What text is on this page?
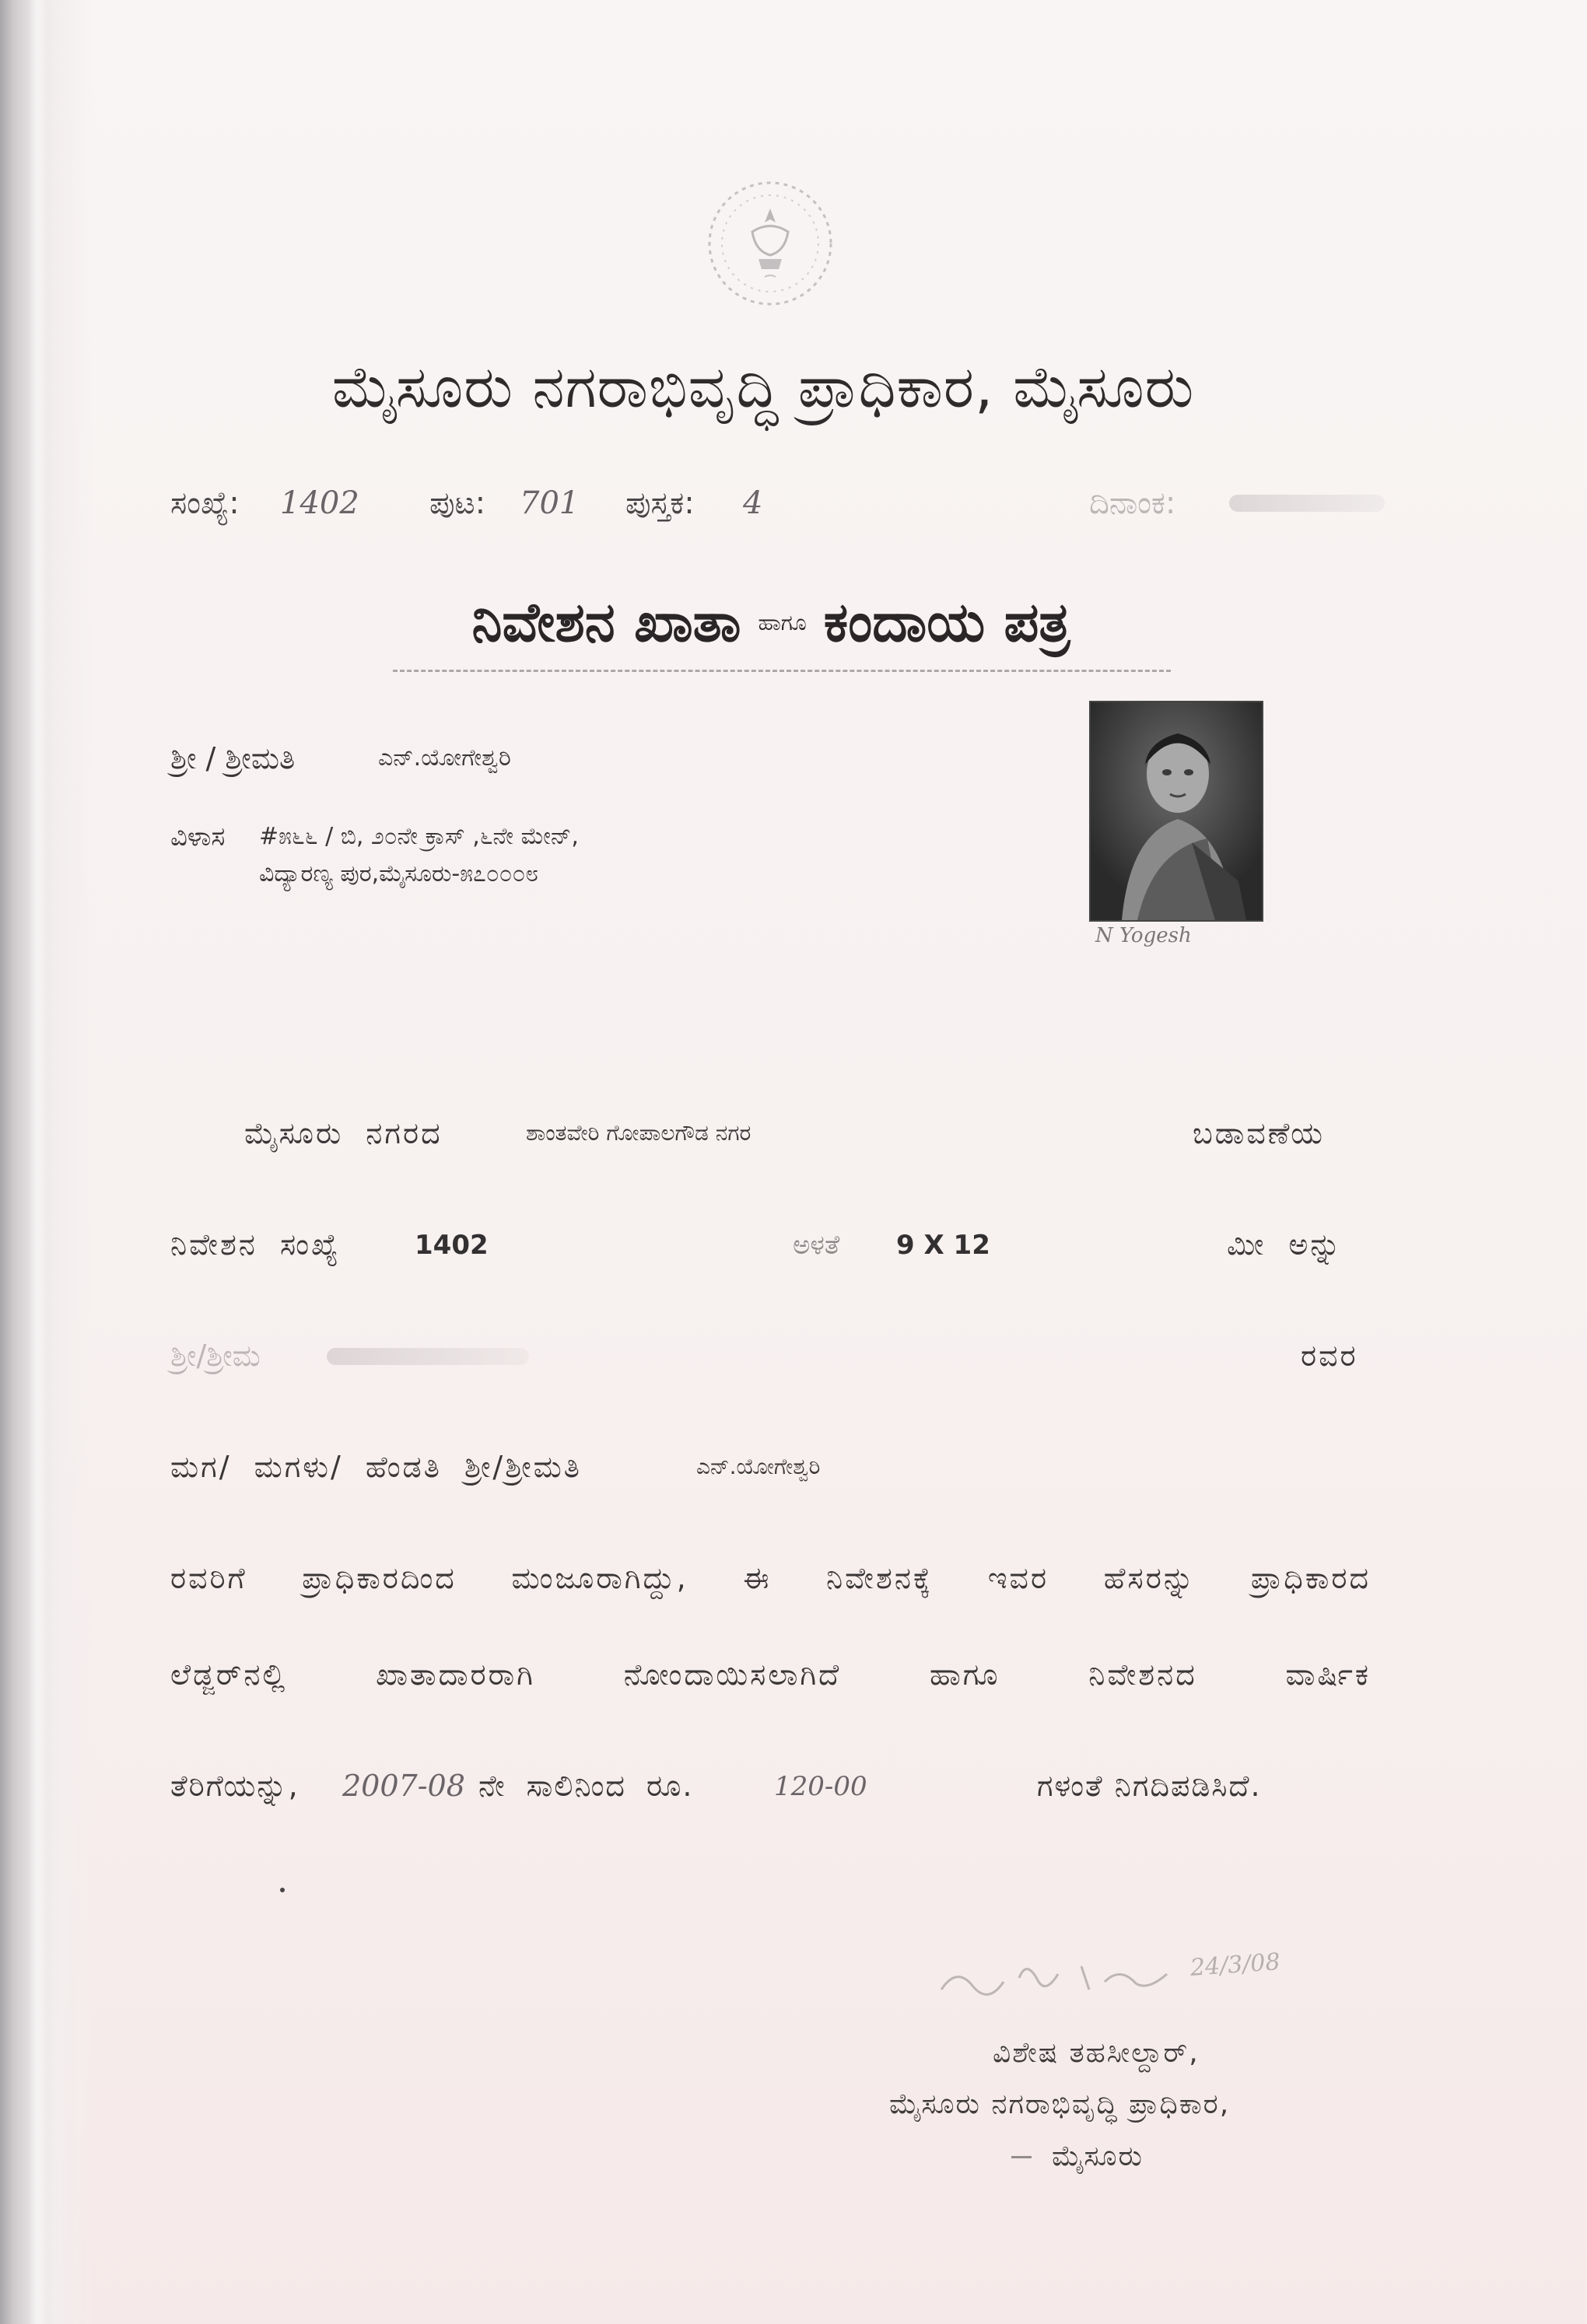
ಮೈಸೂರು ನಗರಾಭಿವೃದ್ಧಿ ಪ್ರಾಧಿಕಾರ, ಮೈಸೂರು
ಸಂಖ್ಯೆ: 1402 ಪುಟ: 701 ಪುಸ್ತಕ: 4	ದಿನಾಂಕ:
ನಿವೇಶನ ಖಾತಾ $^{ಹಾಗೂ}$ ಕಂದಾಯ ಪತ್ರ
ಶ್ರೀ / ಶ್ರೀಮತಿ	ಎನ್.ಯೋಗೇಶ್ವರಿ
ವಿಳಾಸ #೫೬೬ / ಬಿ, ೨೦ನೇ ಕ್ರಾಸ್ ,೬ನೇ ಮೇನ್,
ವಿದ್ಯಾರಣ್ಯ ಪುರ,ಮೈಸೂರು-೫೭೦೦೦೮
N Yogesh
ಮೈಸೂರು ನಗರದ	ಶಾಂತವೇರಿ ಗೋಪಾಲಗೌಡ ನಗರ	ಬಡಾವಣೆಯ
ನಿವೇಶನ ಸಂಖ್ಯೆ	1402	ಅಳತೆ 9 X 12	ಮೀ ಅನ್ನು
ಶ್ರೀ/ಶ್ರೀಮ	ರವರ
ಮಗ/ ಮಗಳು/ ಹೆಂಡತಿ ಶ್ರೀ/ಶ್ರೀಮತಿ	ಎನ್.ಯೋಗೇಶ್ವರಿ
ರವರಿಗೆ ಪ್ರಾಧಿಕಾರದಿಂದ ಮಂಜೂರಾಗಿದ್ದು, ಈ ನಿವೇಶನಕ್ಕೆ ಇವರ ಹೆಸರನ್ನು ಪ್ರಾಧಿಕಾರದ
ಲೆಡ್ಜರ್‌ನಲ್ಲಿ ಖಾತಾದಾರರಾಗಿ ನೋಂದಾಯಿಸಲಾಗಿದೆ ಹಾಗೂ ನಿವೇಶನದ ವಾರ್ಷಿಕ
ತೆರಿಗೆಯನ್ನು, 2007-08 ನೇ ಸಾಲಿನಿಂದ ರೂ.	120-00	ಗಳಂತೆ ನಿಗದಿಪಡಿಸಿದೆ.
24/3/08
ವಿಶೇಷ ತಹಸೀಲ್ದಾರ್,
ಮೈಸೂರು ನಗರಾಭಿವೃದ್ಧಿ ಪ್ರಾಧಿಕಾರ,
ಮೈಸೂರು
